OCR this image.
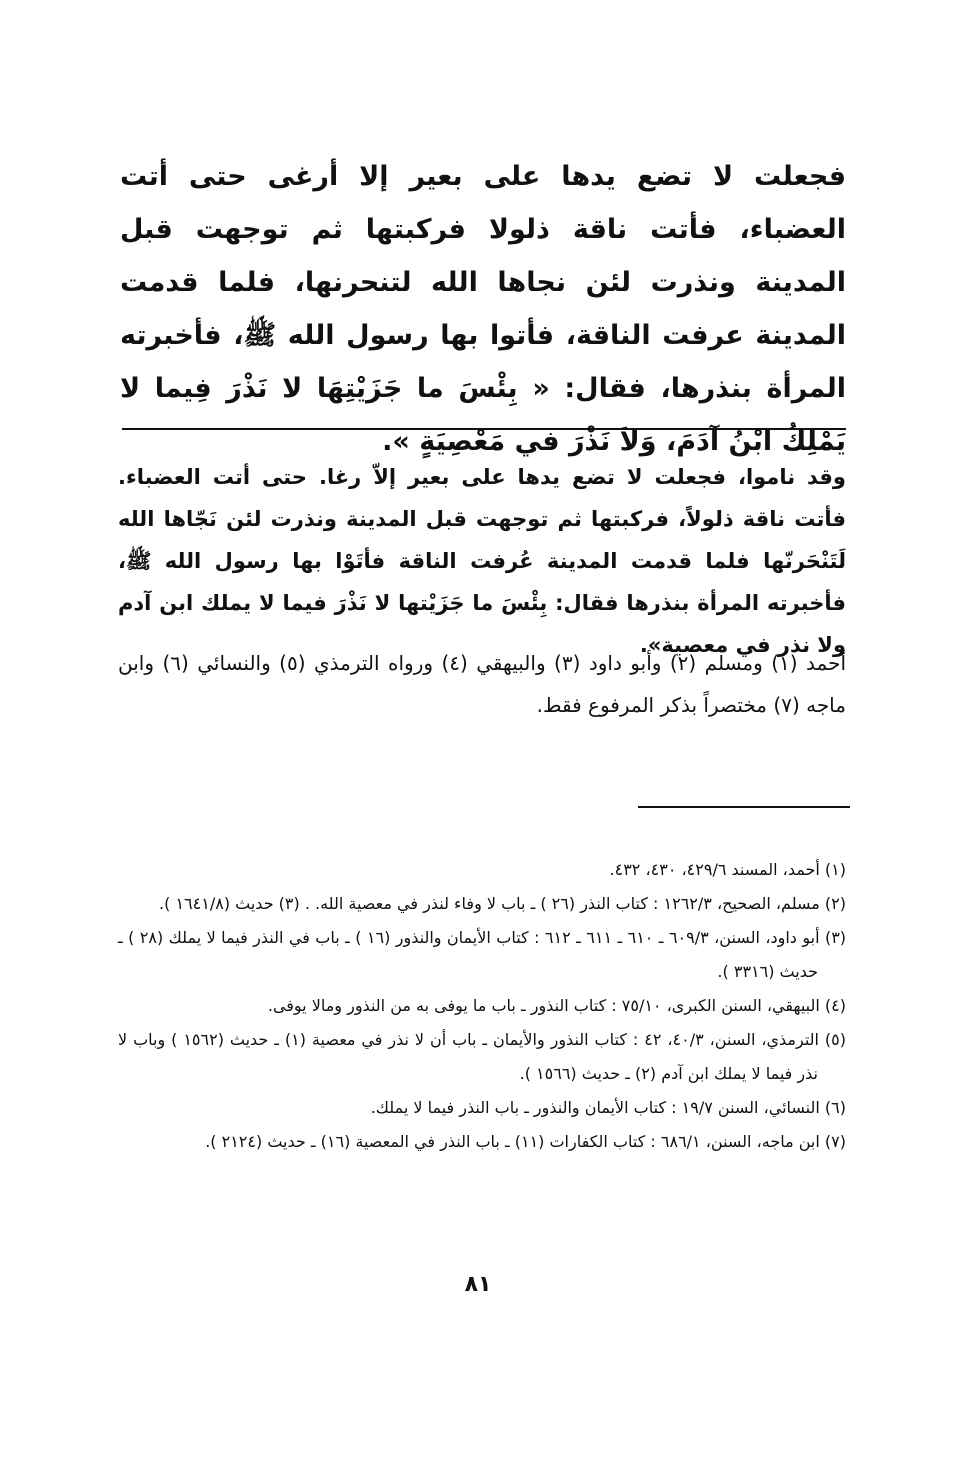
فجعلت لا تضع يدها على بعير إلا أرغى حتى أتت العضباء، فأتت ناقة ذلولا فركبتها ثم توجهت قبل المدينة ونذرت لئن نجاها الله لتنحرنها، فلما قدمت المدينة عرفت الناقة، فأتوا بها رسول الله ﷺ، فأخبرته المرأة بنذرها، فقال: « بِئْسَ ما جَزَيْتِهَا لا نَذْرَ فِيما لا يَمْلِكُ ابْنُ آدَمَ، وَلاَ نَذْرَ في مَعْصِيَةٍ ».

وقد ناموا، فجعلت لا تضع يدها على بعير إلاّ رغا. حتى أتت العضباء. فأتت ناقة ذلولاً، فركبتها ثم توجهت قبل المدينة ونذرت لئن نَجّاها الله لَتَنْحَرنّها فلما قدمت المدينة عُرفت الناقة فأتَوْا بها رسول الله ﷺ، فأخبرته المرأة بنذرها فقال: بِئْسَ ما جَزَيْتها لا نَذْرَ فيما لا يملك ابن آدم ولا نذر في معصية».

أحمد (١) ومسلم (٢) وأبو داود (٣) والبيهقي (٤) ورواه الترمذي (٥) والنسائي (٦) وابن ماجه (٧) مختصراً بذكر المرفوع فقط.

(١) أحمد، المسند ٤٢٩/٦، ٤٣٠، ٤٣٢.

(٢) مسلم، الصحيح، ١٢٦٢/٣ : كتاب النذر (٢٦ ) ـ باب لا وفاء لنذر في معصية الله. . (٣) حديث (١٦٤١/٨ ).

(٣) أبو داود، السنن، ٦٠٩/٣ ـ ٦١٠ ـ ٦١١ ـ ٦١٢ : كتاب الأيمان والنذور (١٦ ) ـ باب في النذر فيما لا يملك (٢٨ ) ـ حديث (٣٣١٦ ).

(٤) البيهقي، السنن الكبرى، ٧٥/١٠ : كتاب النذور ـ باب ما يوفى به من النذور ومالا يوفى.

(٥) الترمذي، السنن، ٤٠/٣، ٤٢ : كتاب النذور والأيمان ـ باب أن لا نذر في معصية (١) ـ حديث (١٥٦٢ ) وباب لا نذر فيما لا يملك ابن آدم (٢) ـ حديث (١٥٦٦ ).

(٦) النسائي، السنن ١٩/٧ : كتاب الأيمان والنذور ـ باب النذر فيما لا يملك.

(٧) ابن ماجه، السنن، ٦٨٦/١ : كتاب الكفارات (١١) ـ باب النذر في المعصية (١٦) ـ حديث (٢١٢٤ ).

٨١
